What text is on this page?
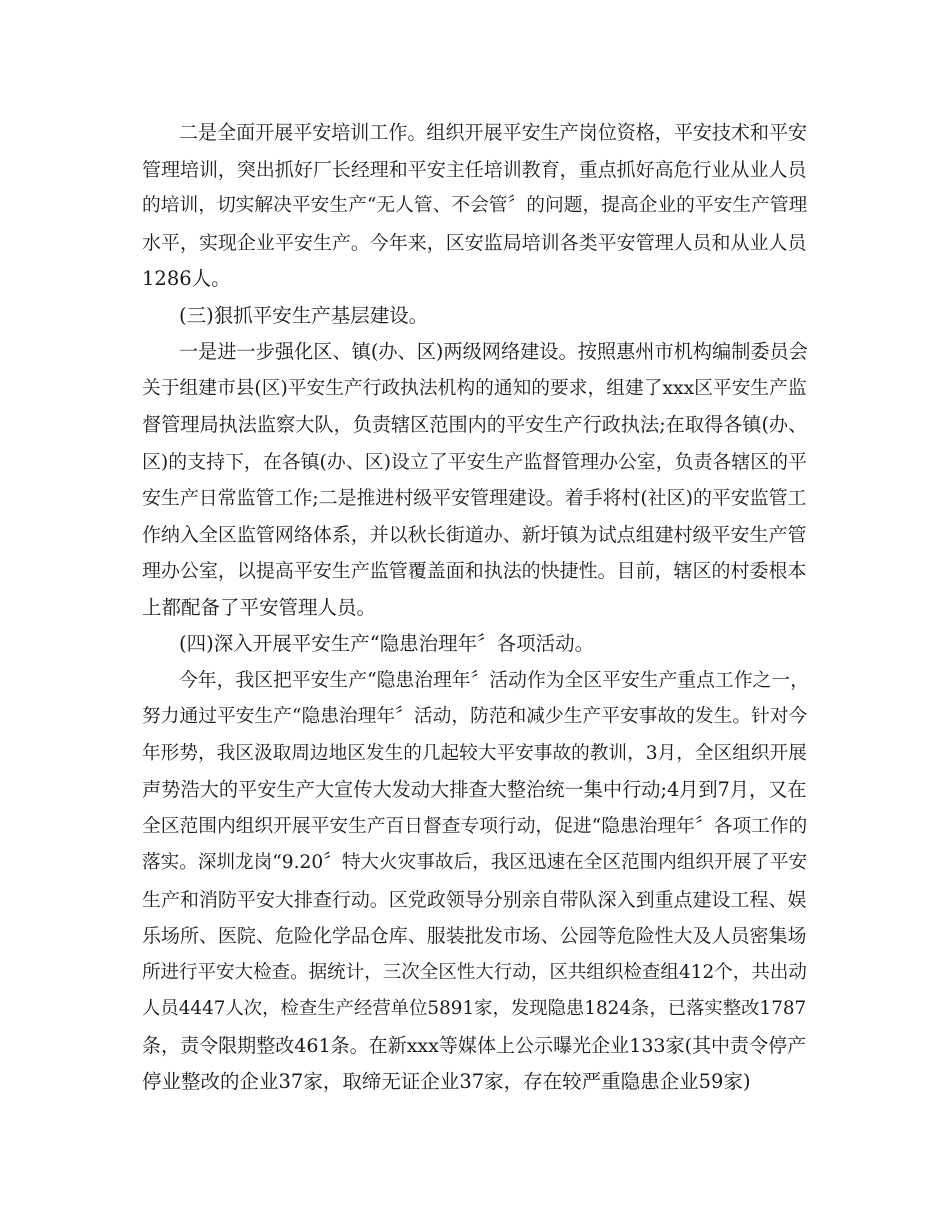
二是全面开展平安培训工作。组织开展平安生产岗位资格，平安技术和平安
管理培训，突出抓好厂长经理和平安主任培训教育，重点抓好高危行业从业人员
的培训，切实解决平安生产“无人管、不会管〞的问题，提高企业的平安生产管理
水平，实现企业平安生产。今年来，区安监局培训各类平安管理人员和从业人员
1286人。
(三)狠抓平安生产基层建设。
一是进一步强化区、镇(办、区)两级网络建设。按照惠州市机构编制委员会
关于组建市县(区)平安生产行政执法机构的通知的要求，组建了xxx区平安生产监
督管理局执法监察大队，负责辖区范围内的平安生产行政执法;在取得各镇(办、
区)的支持下，在各镇(办、区)设立了平安生产监督管理办公室，负责各辖区的平
安生产日常监管工作;二是推进村级平安管理建设。着手将村(社区)的平安监管工
作纳入全区监管网络体系，并以秋长街道办、新圩镇为试点组建村级平安生产管
理办公室，以提高平安生产监管覆盖面和执法的快捷性。目前，辖区的村委根本
上都配备了平安管理人员。
(四)深入开展平安生产“隐患治理年〞各项活动。
今年，我区把平安生产“隐患治理年〞活动作为全区平安生产重点工作之一，
努力通过平安生产“隐患治理年〞活动，防范和减少生产平安事故的发生。针对今
年形势，我区汲取周边地区发生的几起较大平安事故的教训，3月，全区组织开展
声势浩大的平安生产大宣传大发动大排查大整治统一集中行动;4月到7月，又在
全区范围内组织开展平安生产百日督查专项行动，促进“隐患治理年〞各项工作的
落实。深圳龙岗“9.20〞特大火灾事故后，我区迅速在全区范围内组织开展了平安
生产和消防平安大排查行动。区党政领导分别亲自带队深入到重点建设工程、娱
乐场所、医院、危险化学品仓库、服装批发市场、公园等危险性大及人员密集场
所进行平安大检查。据统计，三次全区性大行动，区共组织检查组412个，共出动
人员4447人次，检查生产经营单位5891家，发现隐患1824条，已落实整改1787
条，责令限期整改461条。在新xxx等媒体上公示曝光企业133家(其中责令停产
停业整改的企业37家，取缔无证企业37家，存在较严重隐患企业59家)
